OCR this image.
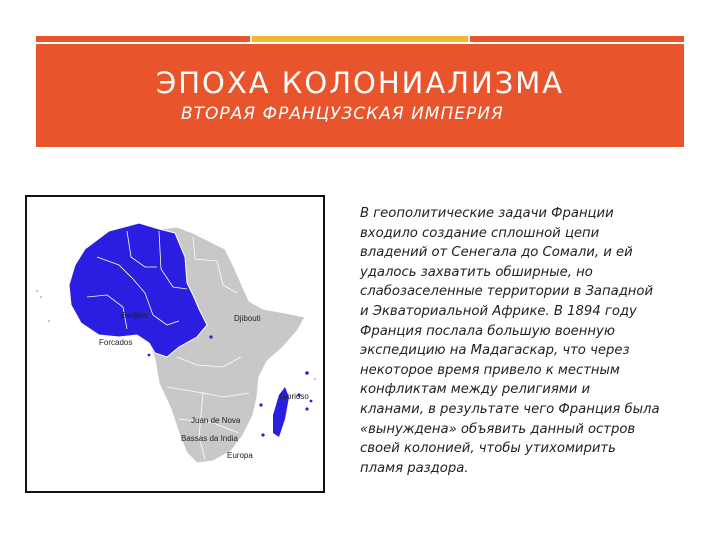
ЭПОХА КОЛОНИАЛИЗМА
ВТОРАЯ ФРАНЦУЗСКАЯ ИМПЕРИЯ
Badjibo
Forcados
Djibouti
Glorioso
Juan de Nova
Bassas da India
Europa
В геополитические задачи Франции
входило создание сплошной цепи
владений от Сенегала до Сомали, и ей
удалось захватить обширные, но
слабозаселенные территории в Западной
и Экваториальной Африке. В 1894 году
Франция послала большую военную
экспедицию на Мадагаскар, что через
некоторое время привело к местным
конфликтам между религиями и
кланами, в результате чего Франция была
«вынуждена» объявить данный остров
своей колонией, чтобы утихомирить
пламя раздора.
